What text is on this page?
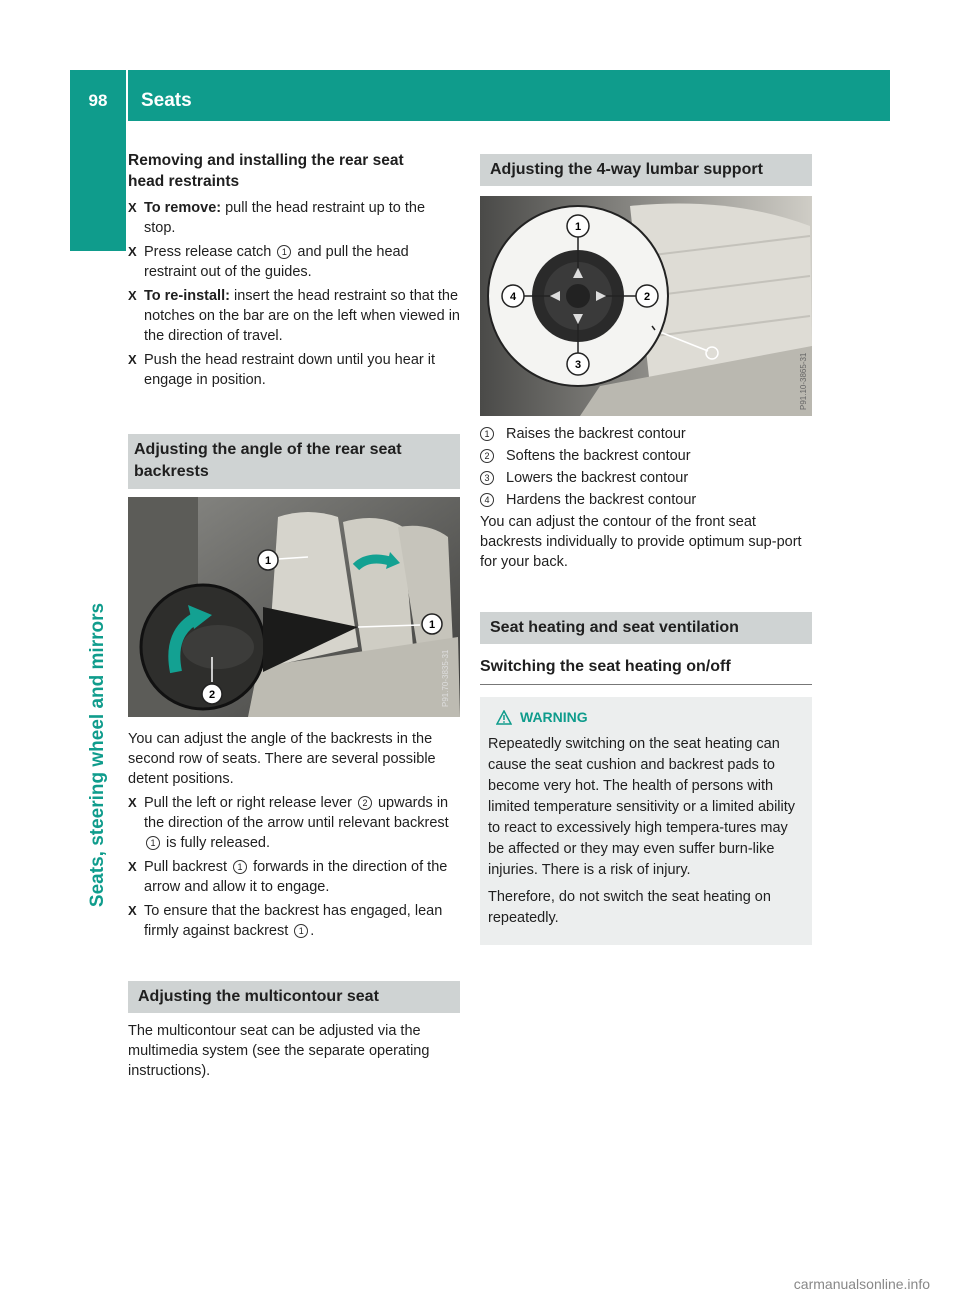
98	Seats
Seats, steering wheel and mirrors
Removing and installing the rear seat
head restraints
X To remove: pull the head restraint up to the stop.
X Press release catch 1 and pull the head restraint out of the guides.
X To re-install: insert the head restraint so that the notches on the bar are on the left when viewed in the direction of travel.
X Push the head restraint down until you hear it engage in position.
Adjusting the angle of the rear seat
backrests
1
1
2	P91.70-3835-31

You can adjust the angle of the backrests in the second row of seats. There are several possible detent positions.

X Pull the left or right release lever 2 upwards in the direction of the arrow until relevant backrest 1 is fully released.
X Pull backrest 1 forwards in the direction of the arrow and allow it to engage.
X To ensure that the backrest has engaged, lean firmly against backrest 1 .
Adjusting the multicontour seat

The multicontour seat can be adjusted via the multimedia system (see the separate operating instructions).

Adjusting the 4-way lumbar support
1
2
3
4
P91.10-3865-31
1	Raises the backrest contour
2	Softens the backrest contour
3	Lowers the backrest contour
4	Hardens the backrest contour

You can adjust the contour of the front seat backrests individually to provide optimum sup-port for your back.

Seat heating and seat ventilation
Switching the seat heating on/off
WARNING

Repeatedly switching on the seat heating can cause the seat cushion and backrest pads to become very hot. The health of persons with limited temperature sensitivity or a limited ability to react to excessively high tempera-tures may be affected or they may even suffer burn-like injuries. There is a risk of injury.

Therefore, do not switch the seat heating on repeatedly.

carmanualsonline.info
